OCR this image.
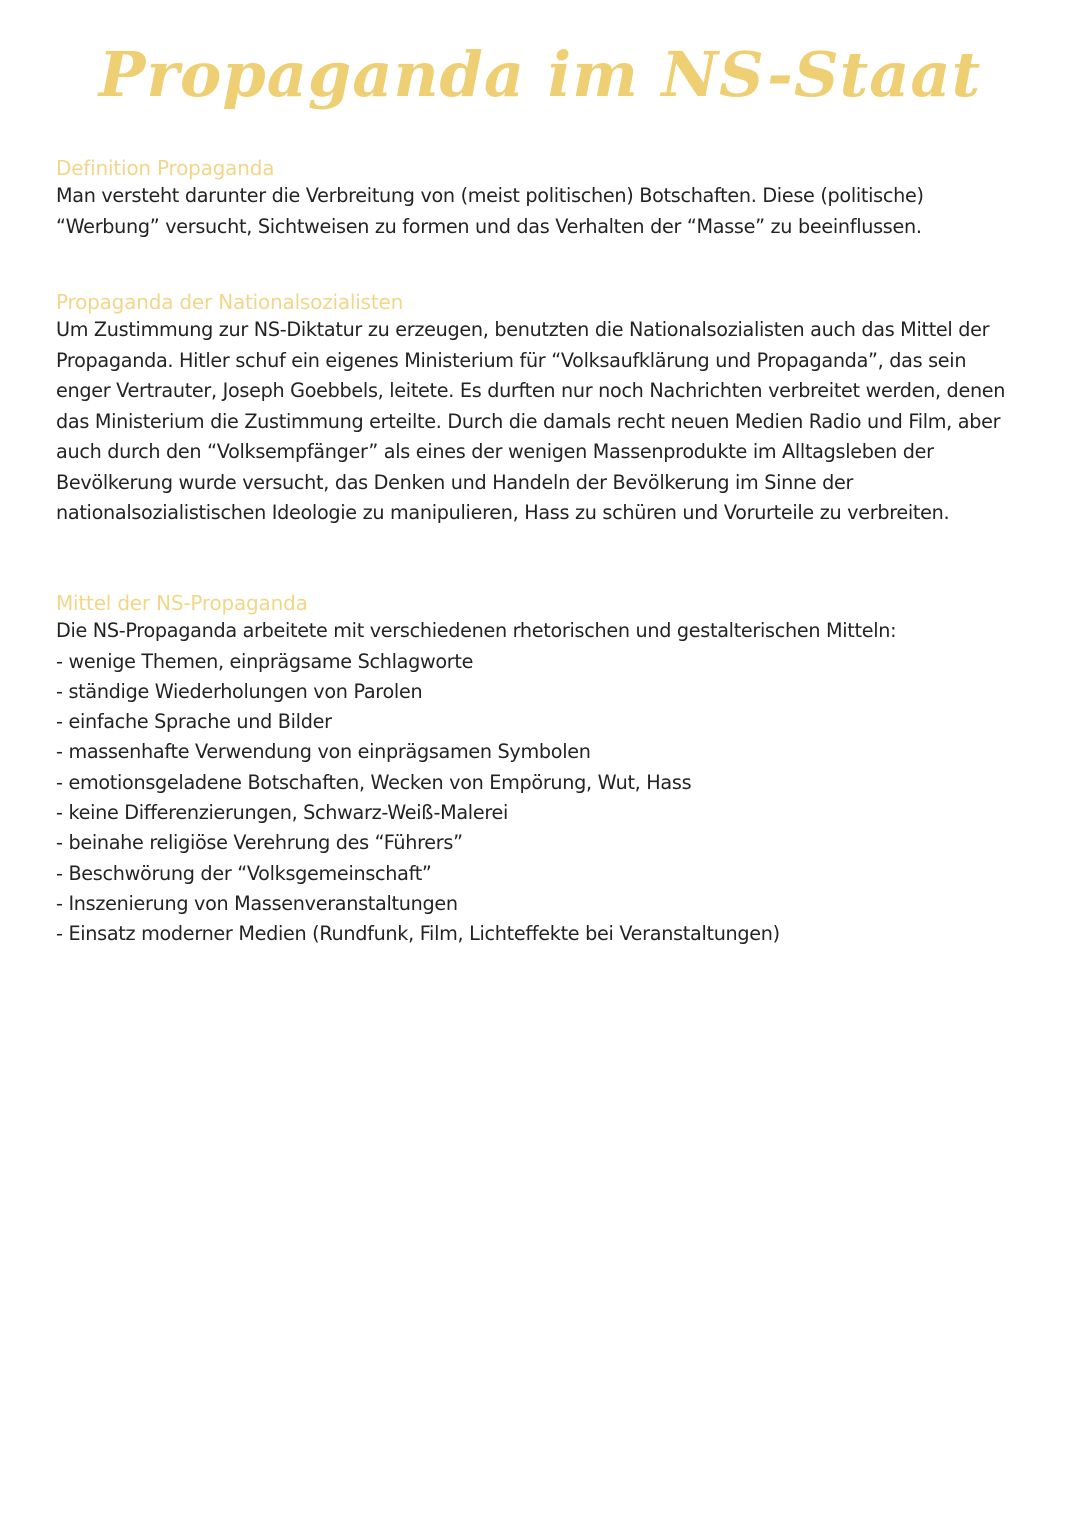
Propaganda im NS-Staat

Definition Propaganda

Man versteht darunter die Verbreitung von (meist politischen) Botschaften. Diese (politische) “Werbung” versucht, Sichtweisen zu formen und das Verhalten der “Masse” zu beeinflussen.

Propaganda der Nationalsozialisten

Um Zustimmung zur NS-Diktatur zu erzeugen, benutzten die Nationalsozialisten auch das Mittel der Propaganda. Hitler schuf ein eigenes Ministerium für “Volksaufklärung und Propaganda”, das sein enger Vertrauter, Joseph Goebbels, leitete. Es durften nur noch Nachrichten verbreitet werden, denen das Ministerium die Zustimmung erteilte. Durch die damals recht neuen Medien Radio und Film, aber auch durch den “Volksempfänger” als eines der wenigen Massenprodukte im Alltagsleben der Bevölkerung wurde versucht, das Denken und Handeln der Bevölkerung im Sinne der nationalsozialistischen Ideologie zu manipulieren, Hass zu schüren und Vorurteile zu verbreiten.

Mittel der NS-Propaganda

Die NS-Propaganda arbeitete mit verschiedenen rhetorischen und gestalterischen Mitteln:

- wenige Themen, einprägsame Schlagworte
- ständige Wiederholungen von Parolen
- einfache Sprache und Bilder
- massenhafte Verwendung von einprägsamen Symbolen
- emotionsgeladene Botschaften, Wecken von Empörung, Wut, Hass
- keine Differenzierungen, Schwarz-Weiß-Malerei
- beinahe religiöse Verehrung des “Führers”
- Beschwörung der “Volksgemeinschaft”
- Inszenierung von Massenveranstaltungen
- Einsatz moderner Medien (Rundfunk, Film, Lichteffekte bei Veranstaltungen)
